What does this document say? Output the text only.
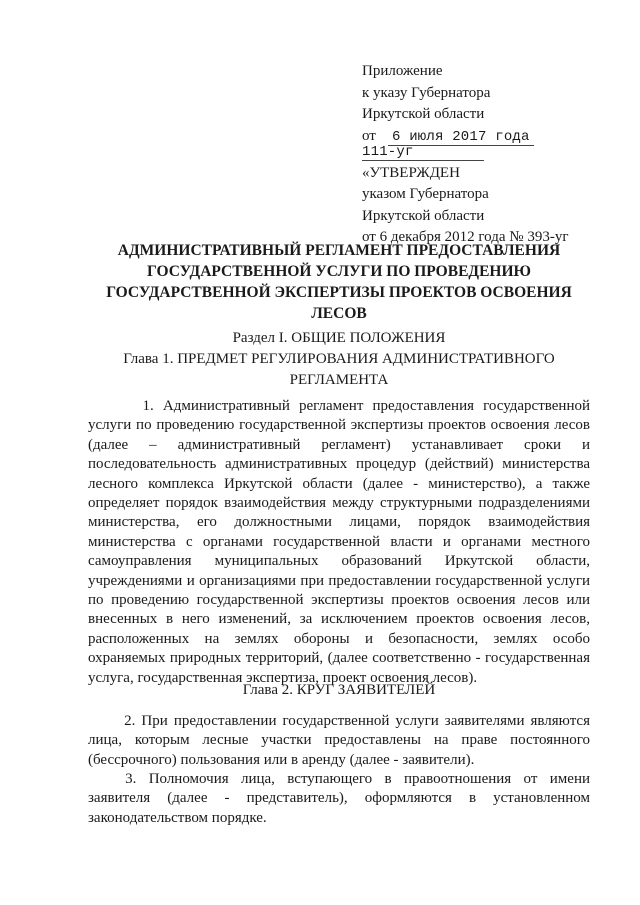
Приложение
к указу Губернатора
Иркутской области
от	6 июля 2017 года
111-уг
«УТВЕРЖДЕН
указом Губернатора
Иркутской области
от 6 декабря 2012 года № 393-уг
АДМИНИСТРАТИВНЫЙ РЕГЛАМЕНТ ПРЕДОСТАВЛЕНИЯ
ГОСУДАРСТВЕННОЙ УСЛУГИ ПО ПРОВЕДЕНИЮ
ГОСУДАРСТВЕННОЙ ЭКСПЕРТИЗЫ ПРОЕКТОВ ОСВОЕНИЯ
ЛЕСОВ
Раздел I. ОБЩИЕ ПОЛОЖЕНИЯ
Глава 1. ПРЕДМЕТ РЕГУЛИРОВАНИЯ АДМИНИСТРАТИВНОГО
РЕГЛАМЕНТА
1. Административный регламент предоставления государственной
услуги по проведению государственной экспертизы проектов освоения лесов
(далее   –   административный   регламент)   устанавливает   сроки   и
последовательность административных процедур (действий) министерства
лесного комплекса Иркутской области (далее - министерство), а также
определяет порядок взаимодействия между структурными подразделениями
министерства,   его   должностными   лицами,   порядок   взаимодействия
министерства с органами государственной власти и органами местного
самоуправления    муниципальных    образований    Иркутской    области,
учреждениями и организациями при предоставлении государственной услуги
по проведению государственной экспертизы проектов освоения лесов или
внесенных в него изменений, за исключением проектов освоения лесов,
расположенных   на   землях   обороны   и   безопасности,   землях   особо
охраняемых природных территорий, (далее соответственно - государственная
услуга, государственная экспертиза, проект освоения лесов).
Глава 2. КРУГ ЗАЯВИТЕЛЕЙ
2. При предоставлении государственной услуги заявителями являются
лица,  которым  лесные  участки  предоставлены  на  праве  постоянного
(бессрочного) пользования или в аренду (далее - заявители).
3.  Полномочия  лица,  вступающего  в  правоотношения  от  имени
заявителя   (далее   -   представитель),   оформляются   в   установленном
законодательством порядке.
